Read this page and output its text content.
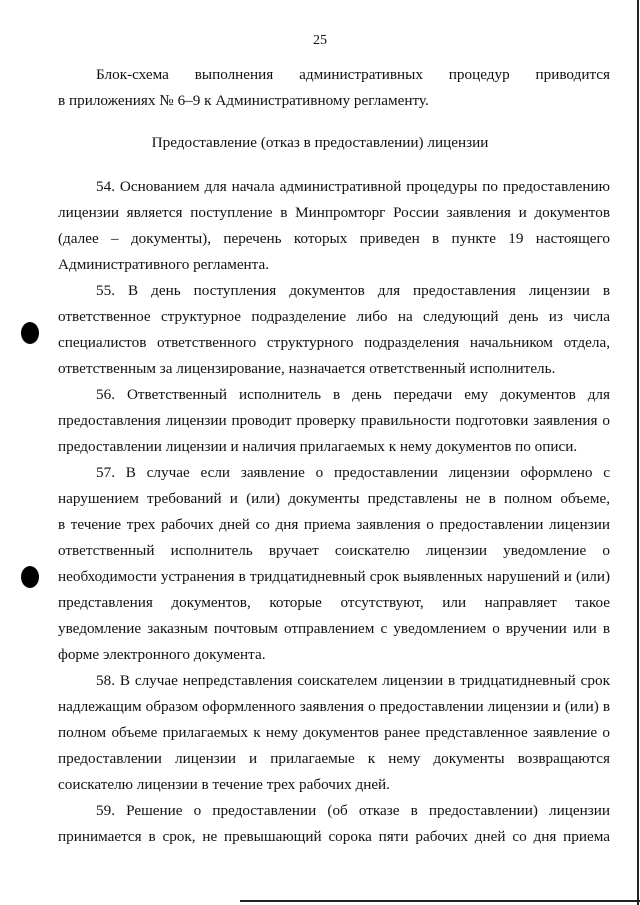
25
Блок-схема выполнения административных процедур приводится
в приложениях № 6–9 к Административному регламенту.
Предоставление (отказ в предоставлении) лицензии
54. Основанием для начала административной процедуры по предоставлению
лицензии является поступление в Минпромторг России заявления и документов
(далее – документы), перечень которых приведен в пункте 19 настоящего
Административного регламента.
55. В день поступления документов для предоставления лицензии в
ответственное структурное подразделение либо на следующий день из числа
специалистов ответственного структурного подразделения начальником отдела,
ответственным за лицензирование, назначается ответственный исполнитель.
56. Ответственный исполнитель в день передачи ему документов для
предоставления лицензии проводит проверку правильности подготовки заявления о
предоставлении лицензии и наличия прилагаемых к нему документов по описи.
57. В случае если заявление о предоставлении лицензии оформлено с
нарушением требований и (или) документы представлены не в полном объеме,
в течение трех рабочих дней со дня приема заявления о предоставлении лицензии
ответственный исполнитель вручает соискателю лицензии уведомление о
необходимости устранения в тридцатидневный срок выявленных нарушений и (или)
представления документов, которые отсутствуют, или направляет такое
уведомление заказным почтовым отправлением с уведомлением о вручении или в
форме электронного документа.
58. В случае непредставления соискателем лицензии в тридцатидневный срок
надлежащим образом оформленного заявления о предоставлении лицензии и (или) в
полном объеме прилагаемых к нему документов ранее представленное заявление о
предоставлении лицензии и прилагаемые к нему документы возвращаются
соискателю лицензии в течение трех рабочих дней.
59. Решение о предоставлении (об отказе в предоставлении) лицензии
принимается в срок, не превышающий сорока пяти рабочих дней со дня приема
